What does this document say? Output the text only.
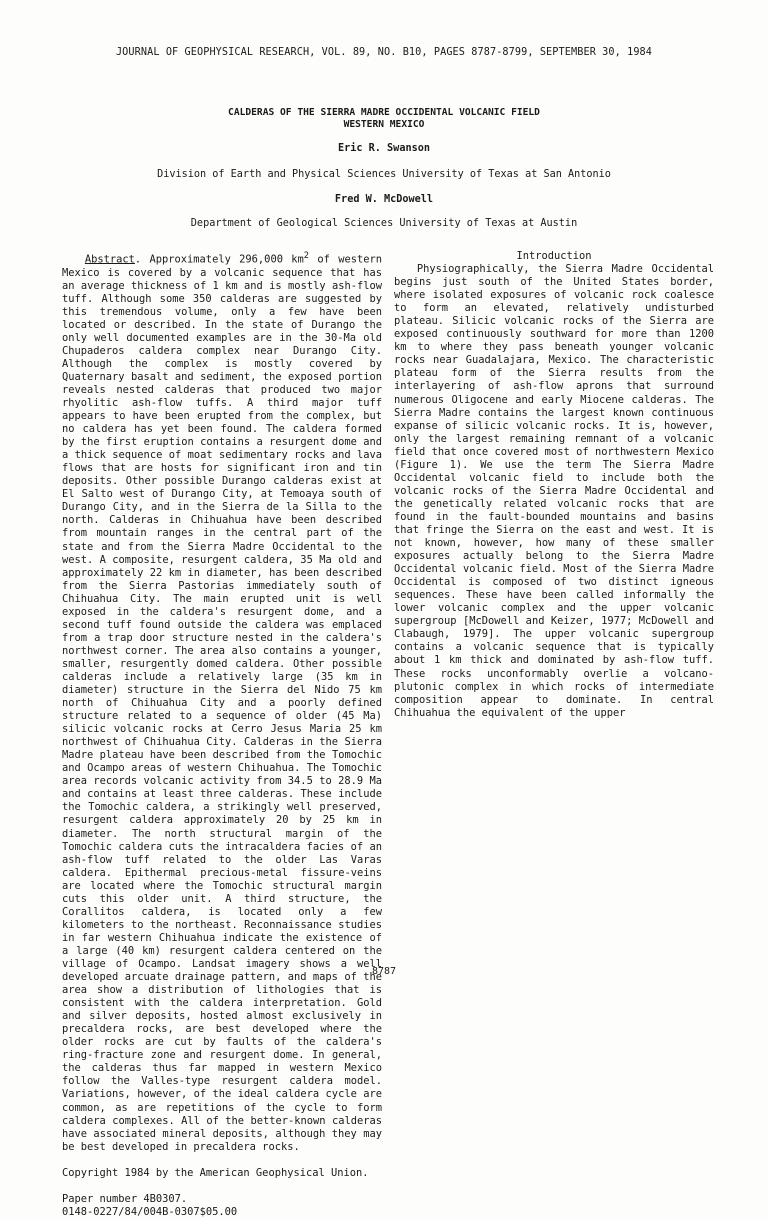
JOURNAL OF GEOPHYSICAL RESEARCH, VOL. 89, NO. B10, PAGES 8787-8799, SEPTEMBER 30, 1984
CALDERAS OF THE SIERRA MADRE OCCIDENTAL VOLCANIC FIELD
WESTERN MEXICO
Eric R. Swanson
Division of Earth and Physical Sciences University of Texas at San Antonio
Fred W. McDowell
Department of Geological Sciences University of Texas at Austin

Abstract. Approximately 296,000 $km^2$ of western Mexico is covered by a volcanic sequence that has an average thickness of 1 km and is mostly ash-flow tuff. Although some 350 calderas are suggested by this tremendous volume, only a few have been located or described. In the state of Durango the only well documented examples are in the 30-Ma old Chupaderos caldera complex near Durango City. Although the complex is mostly covered by Quaternary basalt and sediment, the exposed portion reveals nested calderas that produced two major rhyolitic ash-flow tuffs. A third major tuff appears to have been erupted from the complex, but no caldera has yet been found. The caldera formed by the first eruption contains a resurgent dome and a thick sequence of moat sedimentary rocks and lava flows that are hosts for significant iron and tin deposits. Other possible Durango calderas exist at El Salto west of Durango City, at Temoaya south of Durango City, and in the Sierra de la Silla to the north. Calderas in Chihuahua have been described from mountain ranges in the central part of the state and from the Sierra Madre Occidental to the west. A composite, resurgent caldera, 35 Ma old and approximately 22 km in diameter, has been described from the Sierra Pastorias immediately south of Chihuahua City. The main erupted unit is well exposed in the caldera's resurgent dome, and a second tuff found outside the caldera was emplaced from a trap door structure nested in the caldera's northwest corner. The area also contains a younger, smaller, resurgently domed caldera. Other possible calderas include a relatively large (35 km in diameter) structure in the Sierra del Nido 75 km north of Chihuahua City and a poorly defined structure related to a sequence of older (45 Ma) silicic volcanic rocks at Cerro Jesus Maria 25 km northwest of Chihuahua City. Calderas in the Sierra Madre plateau have been described from the Tomochic and Ocampo areas of western Chihuahua. The Tomochic area records volcanic activity from 34.5 to 28.9 Ma and contains at least three calderas. These include the Tomochic caldera, a strikingly well preserved, resurgent caldera approximately 20 by 25 km in diameter. The north structural margin of the Tomochic caldera cuts the intracaldera facies of an ash-flow tuff related to the older Las Varas caldera. Epithermal precious-metal fissure-veins are located where the Tomochic structural margin cuts this older unit. A third structure, the Corallitos caldera, is located only a few kilometers to the northeast. Reconnaissance studies in far western Chihuahua indicate the existence of a large (40 km) resurgent caldera centered on the village of Ocampo. Landsat imagery shows a well developed arcuate drainage pattern, and maps of the area show a distribution of lithologies that is consistent with the caldera interpretation. Gold and silver deposits, hosted almost exclusively in precaldera rocks, are best developed where the older rocks are cut by faults of the caldera's ring-fracture zone and resurgent dome. In general, the calderas thus far mapped in western Mexico follow the Valles-type resurgent caldera model. Variations, however, of the ideal caldera cycle are common, as are repetitions of the cycle to form caldera complexes. All of the better-known calderas have associated mineral deposits, although they may be best developed in precaldera rocks.

Copyright 1984 by the American Geophysical Union.

Paper number 4B0307.

0148-0227/84/004B-0307$05.00

Introduction

Physiographically, the Sierra Madre Occidental begins just south of the United States border, where isolated exposures of volcanic rock coalesce to form an elevated, relatively undisturbed plateau. Silicic volcanic rocks of the Sierra are exposed continuously southward for more than 1200 km to where they pass beneath younger volcanic rocks near Guadalajara, Mexico. The characteristic plateau form of the Sierra results from the interlayering of ash-flow aprons that surround numerous Oligocene and early Miocene calderas. The Sierra Madre contains the largest known continuous expanse of silicic volcanic rocks. It is, however, only the largest remaining remnant of a volcanic field that once covered most of northwestern Mexico (Figure 1). We use the term The Sierra Madre Occidental volcanic field to include both the volcanic rocks of the Sierra Madre Occidental and the genetically related volcanic rocks that are found in the fault-bounded mountains and basins that fringe the Sierra on the east and west. It is not known, however, how many of these smaller exposures actually belong to the Sierra Madre Occidental volcanic field. Most of the Sierra Madre Occidental is composed of two distinct igneous sequences. These have been called informally the lower volcanic complex and the upper volcanic supergroup [McDowell and Keizer, 1977; McDowell and Clabaugh, 1979]. The upper volcanic supergroup contains a volcanic sequence that is typically about 1 km thick and dominated by ash-flow tuff. These rocks unconformably overlie a volcano-plutonic complex in which rocks of intermediate composition appear to dominate. In central Chihuahua the equivalent of the upper

8787
